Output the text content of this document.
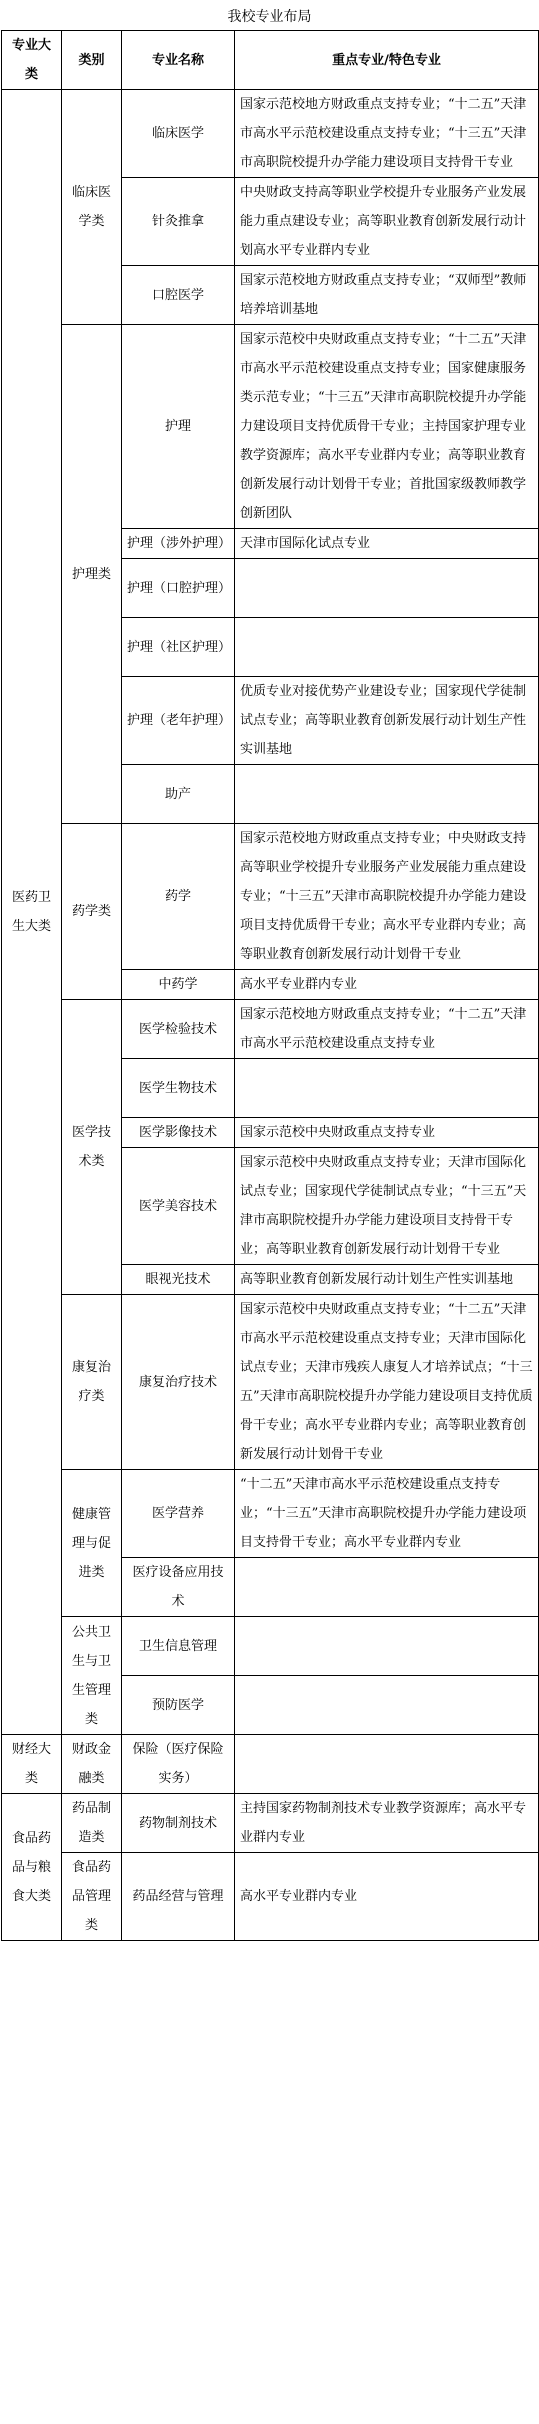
我校专业布局
专业大类	类别	专业名称	重点专业/特色专业
医药卫生大类	临床医学类	临床医学	国家示范校地方财政重点支持专业；“十二五”天津市高水平示范校建设重点支持专业；“十三五”天津市高职院校提升办学能力建设项目支持骨干专业
		针灸推拿	中央财政支持高等职业学校提升专业服务产业发展能力重点建设专业；高等职业教育创新发展行动计划高水平专业群内专业
		口腔医学	国家示范校地方财政重点支持专业；“双师型”教师培养培训基地
	护理类	护理	国家示范校中央财政重点支持专业；“十二五”天津市高水平示范校建设重点支持专业；国家健康服务类示范专业；“十三五”天津市高职院校提升办学能力建设项目支持优质骨干专业；主持国家护理专业教学资源库；高水平专业群内专业；高等职业教育创新发展行动计划骨干专业；首批国家级教师教学创新团队
		护理（涉外护理）	天津市国际化试点专业
		护理（口腔护理）	
		护理（社区护理）	
		护理（老年护理）	优质专业对接优势产业建设专业；国家现代学徒制试点专业；高等职业教育创新发展行动计划生产性实训基地
		助产	
	药学类	药学	国家示范校地方财政重点支持专业；中央财政支持高等职业学校提升专业服务产业发展能力重点建设专业；“十三五”天津市高职院校提升办学能力建设项目支持优质骨干专业；高水平专业群内专业；高等职业教育创新发展行动计划骨干专业
		中药学	高水平专业群内专业
	医学技术类	医学检验技术	国家示范校地方财政重点支持专业；“十二五”天津市高水平示范校建设重点支持专业
		医学生物技术	
		医学影像技术	国家示范校中央财政重点支持专业
		医学美容技术	国家示范校中央财政重点支持专业；天津市国际化试点专业；国家现代学徒制试点专业；“十三五”天津市高职院校提升办学能力建设项目支持骨干专业；高等职业教育创新发展行动计划骨干专业
		眼视光技术	高等职业教育创新发展行动计划生产性实训基地
	康复治疗类	康复治疗技术	国家示范校中央财政重点支持专业；“十二五”天津市高水平示范校建设重点支持专业；天津市国际化试点专业；天津市残疾人康复人才培养试点；“十三五”天津市高职院校提升办学能力建设项目支持优质骨干专业；高水平专业群内专业；高等职业教育创新发展行动计划骨干专业
	健康管理与促进类	医学营养	“十二五”天津市高水平示范校建设重点支持专业；“十三五”天津市高职院校提升办学能力建设项目支持骨干专业；高水平专业群内专业
		医疗设备应用技术	
	公共卫生与卫生管理类	卫生信息管理	
		预防医学	
财经大类	财政金融类	保险（医疗保险实务）	
食品药品与粮食大类	药品制造类	药物制剂技术	主持国家药物制剂技术专业教学资源库；高水平专业群内专业
	食品药品管理类	药品经营与管理	高水平专业群内专业
